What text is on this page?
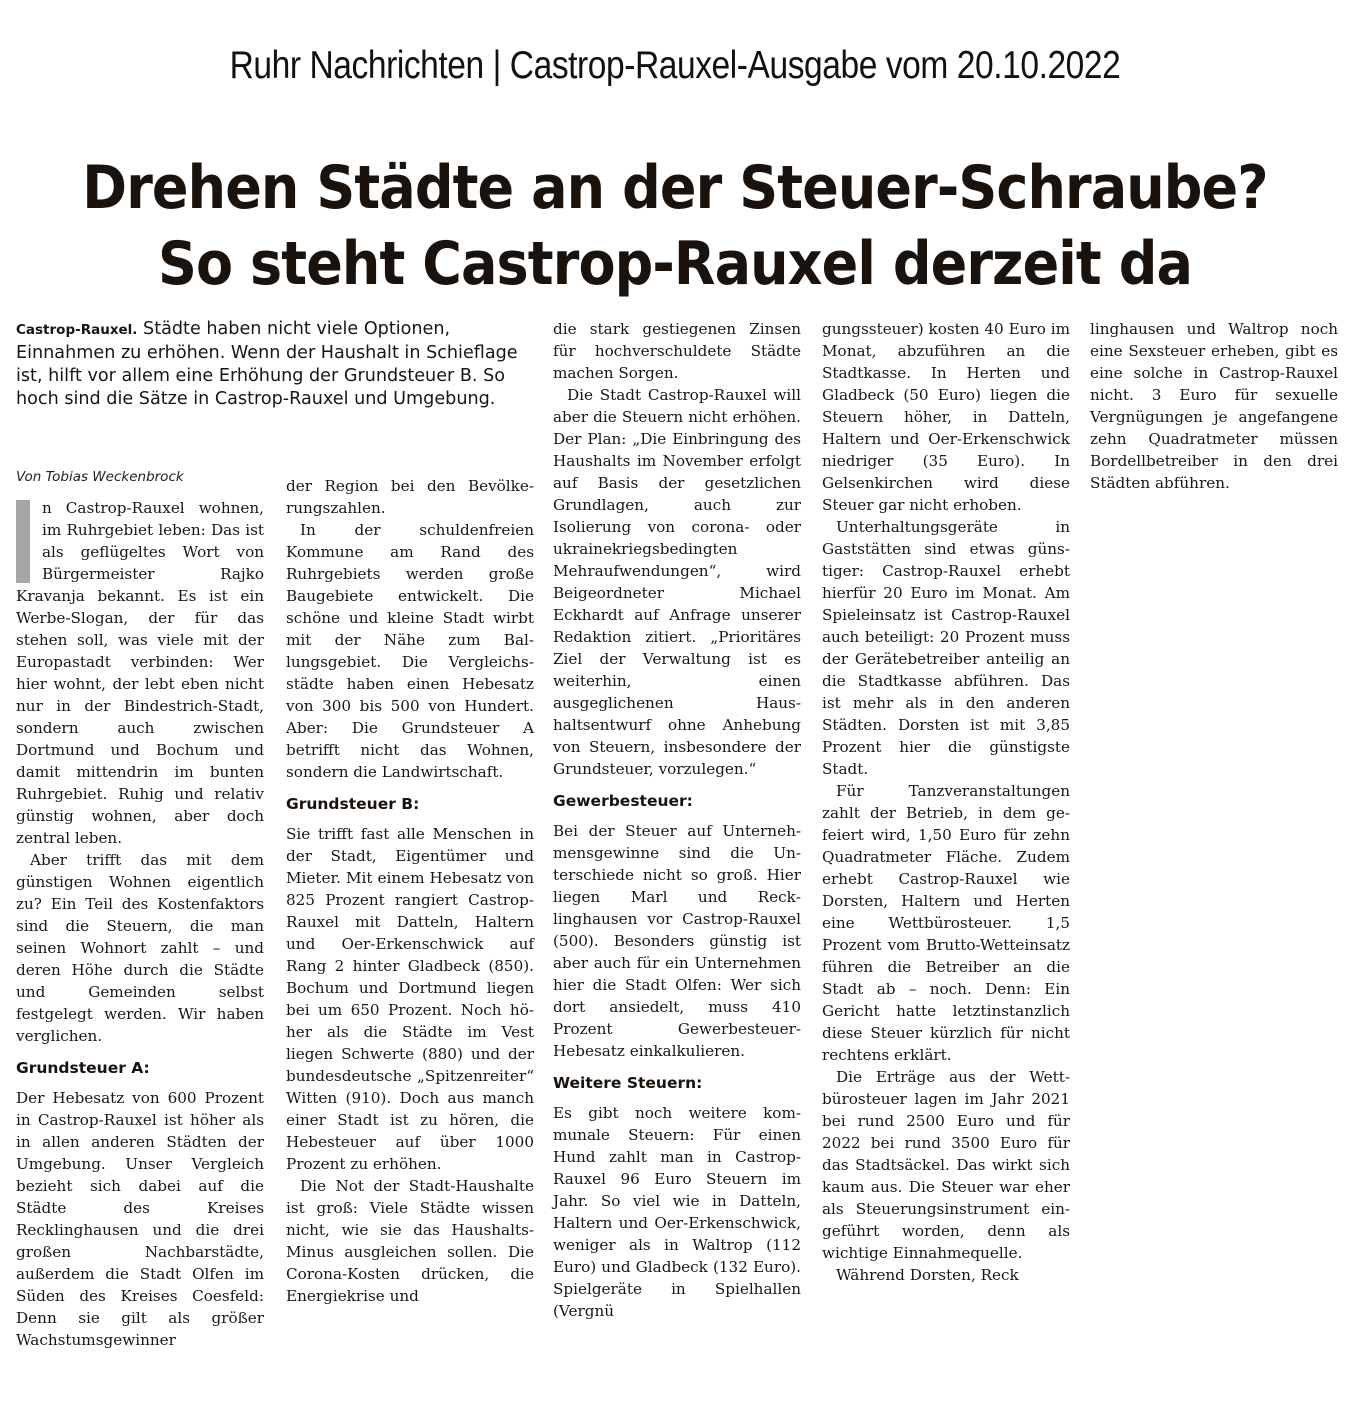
Ruhr Nachrichten | Castrop-Rauxel-Ausgabe vom 20.10.2022
Drehen Städte an der Steuer-Schraube?
So steht Castrop-Rauxel derzeit da
Castrop-Rauxel. Städte haben nicht viele Optionen, Einnahmen zu erhöhen. Wenn der Haushalt in Schieflage ist, hilft vor allem eine Erhöhung der Grundsteuer B. So hoch sind die Sätze in Castrop-Rauxel und Umgebung.
Von Tobias Weckenbrock

n Castrop-Rauxel wohnen, im Ruhrgebiet leben: Das ist als geflügeltes Wort von Bürgermeister Rajko Kravanja bekannt. Es ist ein Werbe-Slogan, der für das stehen soll, was viele mit der Europastadt verbinden: Wer hier wohnt, der lebt eben nicht nur in der Bindestrich-Stadt, sondern auch zwischen Dortmund und Bochum und damit mittendrin im bunten Ruhrgebiet. Ruhig und relativ günstig wohnen, aber doch zentral leben.

Aber trifft das mit dem günstigen Wohnen eigentlich zu? Ein Teil des Kostenfaktors sind die Steuern, die man seinen Wohnort zahlt – und deren Höhe durch die Städte und Gemeinden selbst festgelegt werden. Wir haben verglichen.

Grundsteuer A:

Der Hebesatz von 600 Prozent in Castrop-Rauxel ist höher als in allen anderen Städten der Umgebung. Unser Vergleich bezieht sich dabei auf die Städte des Kreises Recklinghausen und die drei großen Nachbarstädte, außerdem die Stadt Olfen im Süden des Kreises Coesfeld: Denn sie gilt als größer Wachstumsgewinner

der Region bei den Bevölkerungszahlen.

In der schuldenfreien Kommune am Rand des Ruhrgebiets werden große Baugebiete entwickelt. Die schöne und kleine Stadt wirbt mit der Nähe zum Ballungsgebiet. Die Vergleichsstädte haben einen Hebesatz von 300 bis 500 von Hundert. Aber: Die Grundsteuer A betrifft nicht das Wohnen, sondern die Landwirtschaft.

Grundsteuer B:

Sie trifft fast alle Menschen in der Stadt, Eigentümer und Mieter. Mit einem Hebesatz von 825 Prozent rangiert Castrop-Rauxel mit Datteln, Haltern und Oer-Erkenschwick auf Rang 2 hinter Gladbeck (850). Bochum und Dortmund liegen bei um 650 Prozent. Noch höher als die Städte im Vest liegen Schwerte (880) und der bundesdeutsche „Spitzenreiter“ Witten (910). Doch aus manch einer Stadt ist zu hören, die Hebesteuer auf über 1000 Prozent zu erhöhen.

Die Not der Stadt-Haushalte ist groß: Viele Städte wissen nicht, wie sie das Haushalts-Minus ausgleichen sollen. Die Corona-Kosten drücken, die Energiekrise und

die stark gestiegenen Zinsen für hochverschuldete Städte machen Sorgen.

Die Stadt Castrop-Rauxel will aber die Steuern nicht erhöhen. Der Plan: „Die Einbringung des Haushalts im November erfolgt auf Basis der gesetzlichen Grundlagen, auch zur Isolierung von corona- oder ukrainekriegsbedingten Mehraufwendungen“, wird Beigeordneter Michael Eckhardt auf Anfrage unserer Redaktion zitiert. „Prioritäres Ziel der Verwaltung ist es weiterhin, einen ausgeglichenen Haushaltsentwurf ohne Anhebung von Steuern, insbesondere der Grundsteuer, vorzulegen.“

Gewerbesteuer:

Bei der Steuer auf Unternehmensgewinne sind die Unterschiede nicht so groß. Hier liegen Marl und Recklinghausen vor Castrop-Rauxel (500). Besonders günstig ist aber auch für ein Unternehmen hier die Stadt Olfen: Wer sich dort ansiedelt, muss 410 Prozent Gewerbesteuer-Hebesatz einkalkulieren.

Weitere Steuern:

Es gibt noch weitere kommunale Steuern: Für einen Hund zahlt man in Castrop-Rauxel 96 Euro Steuern im Jahr. So viel wie in Datteln, Haltern und Oer-Erkenschwick, weniger als in Waltrop (112 Euro) und Gladbeck (132 Euro). Spielgeräte in Spielhallen (Vergnü

gungssteuer) kosten 40 Euro im Monat, abzuführen an die Stadtkasse. In Herten und Gladbeck (50 Euro) liegen die Steuern höher, in Datteln, Haltern und Oer-Erkenschwick niedriger (35 Euro). In Gelsenkirchen wird diese Steuer gar nicht erhoben.

Unterhaltungsgeräte in Gaststätten sind etwas günstiger: Castrop-Rauxel erhebt hierfür 20 Euro im Monat. Am Spieleinsatz ist Castrop-Rauxel auch beteiligt: 20 Prozent muss der Gerätebetreiber anteilig an die Stadtkasse abführen. Das ist mehr als in den anderen Städten. Dorsten ist mit 3,85 Prozent hier die günstigste Stadt.

Für Tanzveranstaltungen zahlt der Betrieb, in dem gefeiert wird, 1,50 Euro für zehn Quadratmeter Fläche. Zudem erhebt Castrop-Rauxel wie Dorsten, Haltern und Herten eine Wettbürosteuer. 1,5 Prozent vom Brutto-Wetteinsatz führen die Betreiber an die Stadt ab – noch. Denn: Ein Gericht hatte letztinstanzlich diese Steuer kürzlich für nicht rechtens erklärt.

Die Erträge aus der Wettbürosteuer lagen im Jahr 2021 bei rund 2500 Euro und für 2022 bei rund 3500 Euro für das Stadtsäckel. Das wirkt sich kaum aus. Die Steuer war eher als Steuerungsinstrument eingeführt worden, denn als wichtige Einnahmequelle.

Während Dorsten, Reck

linghausen und Waltrop noch eine Sexsteuer erheben, gibt es eine solche in Castrop-Rauxel nicht. 3 Euro für sexuelle Vergnügungen je angefangene zehn Quadratmeter müssen Bordellbetreiber in den drei Städten abführen.
